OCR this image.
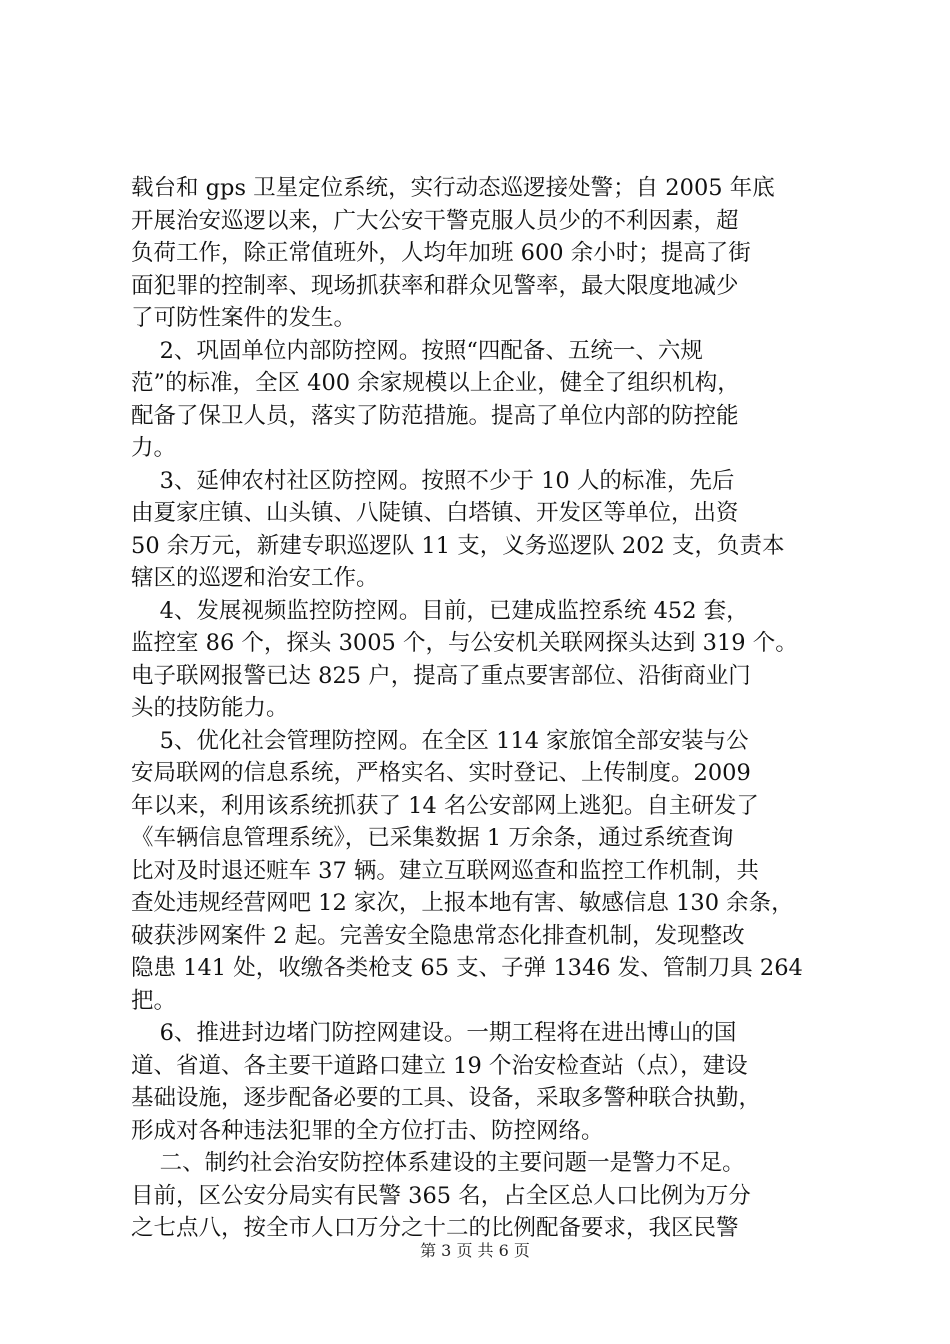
载台和 gps 卫星定位系统，实行动态巡逻接处警；自 2005 年底
开展治安巡逻以来，广大公安干警克服人员少的不利因素，超
负荷工作，除正常值班外，人均年加班 600 余小时；提高了街
面犯罪的控制率、现场抓获率和群众见警率，最大限度地减少
了可防性案件的发生。
2、巩固单位内部防控网。按照“四配备、五统一、六规
范”的标准，全区 400 余家规模以上企业，健全了组织机构，
配备了保卫人员，落实了防范措施。提高了单位内部的防控能
力。
3、延伸农村社区防控网。按照不少于 10 人的标准，先后
由夏家庄镇、山头镇、八陡镇、白塔镇、开发区等单位，出资
50 余万元，新建专职巡逻队 11 支，义务巡逻队 202 支，负责本
辖区的巡逻和治安工作。
4、发展视频监控防控网。目前，已建成监控系统 452 套，
监控室 86 个，探头 3005 个，与公安机关联网探头达到 319 个。
电子联网报警已达 825 户，提高了重点要害部位、沿街商业门
头的技防能力。
5、优化社会管理防控网。在全区 114 家旅馆全部安装与公
安局联网的信息系统，严格实名、实时登记、上传制度。2009
年以来，利用该系统抓获了 14 名公安部网上逃犯。自主研发了
《车辆信息管理系统》，已采集数据 1 万余条，通过系统查询
比对及时退还赃车 37 辆。建立互联网巡查和监控工作机制，共
查处违规经营网吧 12 家次，上报本地有害、敏感信息 130 余条，
破获涉网案件 2 起。完善安全隐患常态化排查机制，发现整改
隐患 141 处，收缴各类枪支 65 支、子弹 1346 发、管制刀具 264
把。
6、推进封边堵门防控网建设。一期工程将在进出博山的国
道、省道、各主要干道路口建立 19 个治安检查站（点），建设
基础设施，逐步配备必要的工具、设备，采取多警种联合执勤，
形成对各种违法犯罪的全方位打击、防控网络。
二、制约社会治安防控体系建设的主要问题一是警力不足。
目前，区公安分局实有民警 365 名，占全区总人口比例为万分
之七点八，按全市人口万分之十二的比例配备要求，我区民警
第 3 页 共 6 页
